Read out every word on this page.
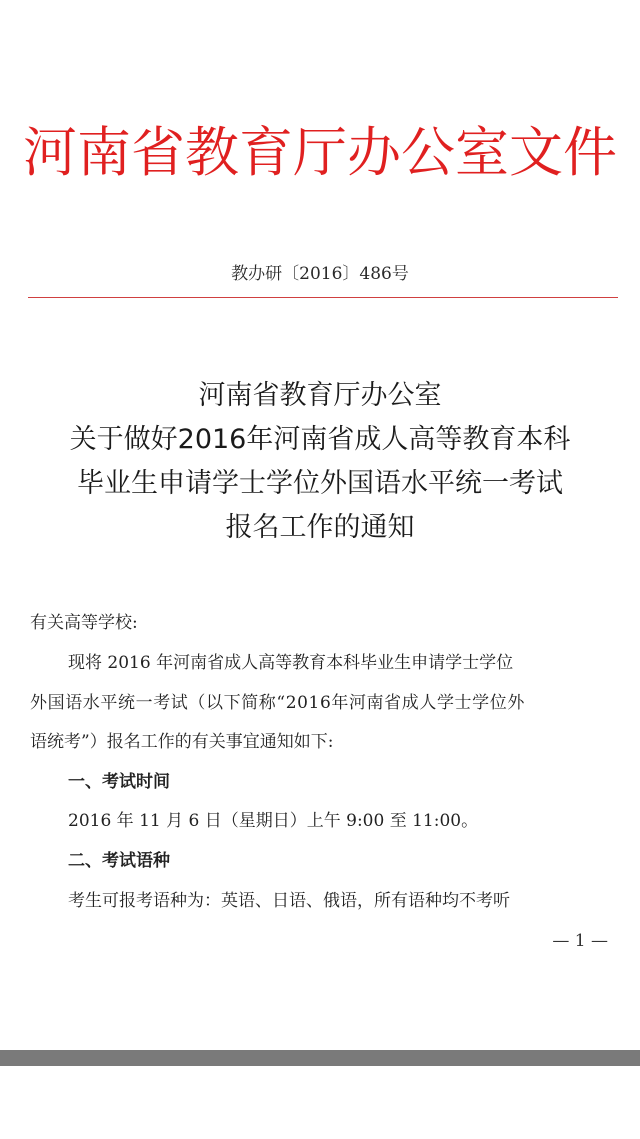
河南省教育厅办公室文件
教办研〔2016〕486号
河南省教育厅办公室
关于做好2016年河南省成人高等教育本科
毕业生申请学士学位外国语水平统一考试
报名工作的通知
有关高等学校:
现将 2016 年河南省成人高等教育本科毕业生申请学士学位
外国语水平统一考试（以下简称“2016年河南省成人学士学位外
语统考”）报名工作的有关事宜通知如下:
一、考试时间
2016 年 11 月 6 日（星期日）上午 9:00 至 11:00。
二、考试语种
考生可报考语种为：英语、日语、俄语，所有语种均不考听
— 1 —
